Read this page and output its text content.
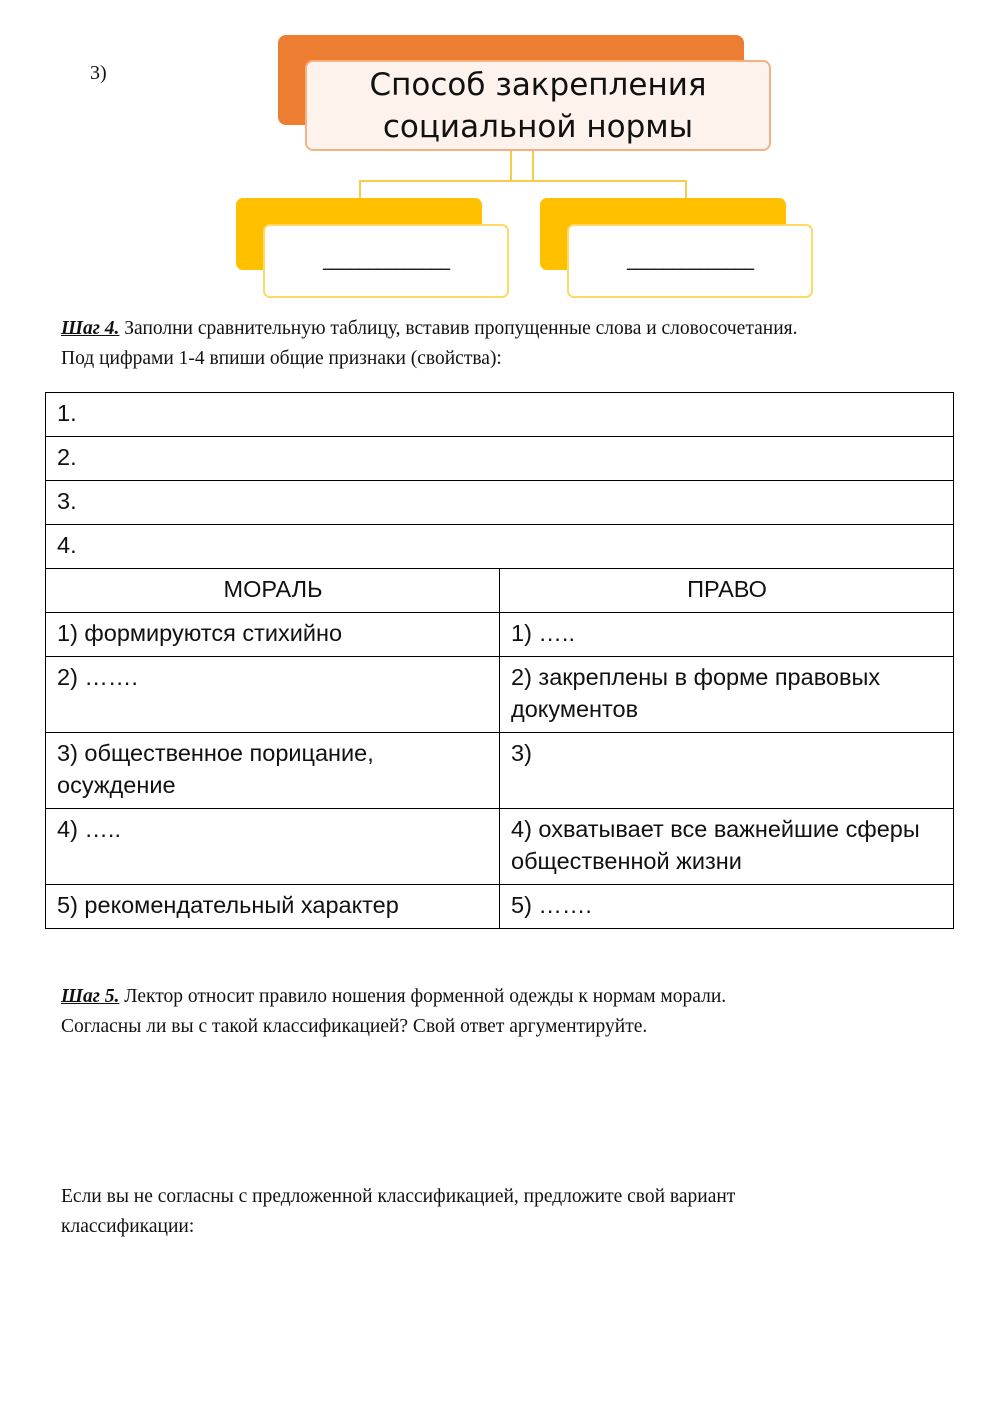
3)	Способ закрепления
социальной нормы
______________	______________
Шаг 4. Заполни сравнительную таблицу, вставив пропущенные слова и словосочетания.
Под цифрами 1-4 впиши общие признаки (свойства):
1.	
2.	
3.	
4.	
МОРАЛЬ	ПРАВО
1) формируются стихийно	1) …..
2) …….	2) закреплены в форме правовых документов
3) общественное порицание, осуждение	3)
4) …..	4) охватывает все важнейшие сферы общественной жизни
5) рекомендательный характер	5) …….
Шаг 5. Лектор относит правило ношения форменной одежды к нормам морали.
Согласны ли вы с такой классификацией? Свой ответ аргументируйте.
Если вы не согласны с предложенной классификацией, предложите свой вариант
классификации:
